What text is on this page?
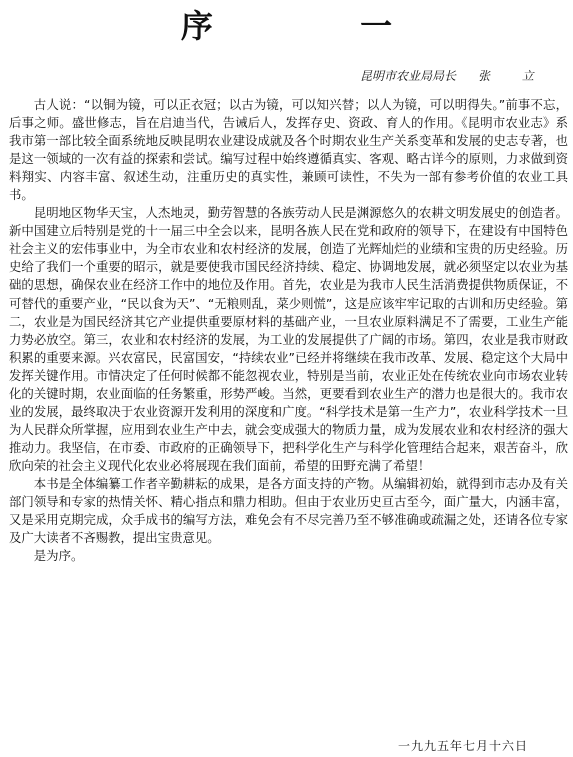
序 一
昆明市农业局局长 张 立

古人说：“以铜为镜，可以正衣冠；以古为镜，可以知兴替；以人为镜，可以明得失。”前事不忘，后事之师。盛世修志，旨在启迪当代，告诫后人，发挥存史、资政、育人的作用。《昆明市农业志》系我市第一部比较全面系统地反映昆明农业建设成就及各个时期农业生产关系变革和发展的史志专著，也是这一领域的一次有益的探索和尝试。编写过程中始终遵循真实、客观、略古详今的原则，力求做到资料翔实、内容丰富、叙述生动，注重历史的真实性，兼顾可读性，不失为一部有参考价值的农业工具书。

昆明地区物华天宝，人杰地灵，勤劳智慧的各族劳动人民是渊源悠久的农耕文明发展史的创造者。新中国建立后特别是党的十一届三中全会以来，昆明各族人民在党和政府的领导下，在建设有中国特色社会主义的宏伟事业中，为全市农业和农村经济的发展，创造了光辉灿烂的业绩和宝贵的历史经验。历史给了我们一个重要的昭示，就是要使我市国民经济持续、稳定、协调地发展，就必须坚定以农业为基础的思想，确保农业在经济工作中的地位及作用。首先，农业是为我市人民生活消费提供物质保证，不可替代的重要产业，“民以食为天”、“无粮则乱，菜少则慌”，这是应该牢牢记取的古训和历史经验。第二，农业是为国民经济其它产业提供重要原材料的基础产业，一旦农业原料满足不了需要，工业生产能力势必放空。第三，农业和农村经济的发展，为工业的发展提供了广阔的市场。第四，农业是我市财政积累的重要来源。兴农富民，民富国安，“持续农业”已经并将继续在我市改革、发展、稳定这个大局中发挥关键作用。市情决定了任何时候都不能忽视农业，特别是当前，农业正处在传统农业向市场农业转化的关键时期，农业面临的任务繁重，形势严峻。当然，更要看到农业生产的潜力也是很大的。我市农业的发展，最终取决于农业资源开发利用的深度和广度。“科学技术是第一生产力”，农业科学技术一旦为人民群众所掌握，应用到农业生产中去，就会变成强大的物质力量，成为发展农业和农村经济的强大推动力。我坚信，在市委、市政府的正确领导下，把科学化生产与科学化管理结合起来，艰苦奋斗，欣欣向荣的社会主义现代化农业必将展现在我们面前，希望的田野充满了希望！

本书是全体编纂工作者辛勤耕耘的成果，是各方面支持的产物。从编辑初始，就得到市志办及有关部门领导和专家的热情关怀、精心指点和鼎力相助。但由于农业历史亘古至今，面广量大，内涵丰富，又是采用克期完成，众手成书的编写方法，难免会有不尽完善乃至不够准确或疏漏之处，还请各位专家及广大读者不吝赐教，提出宝贵意见。

是为序。

一九九五年七月十六日
